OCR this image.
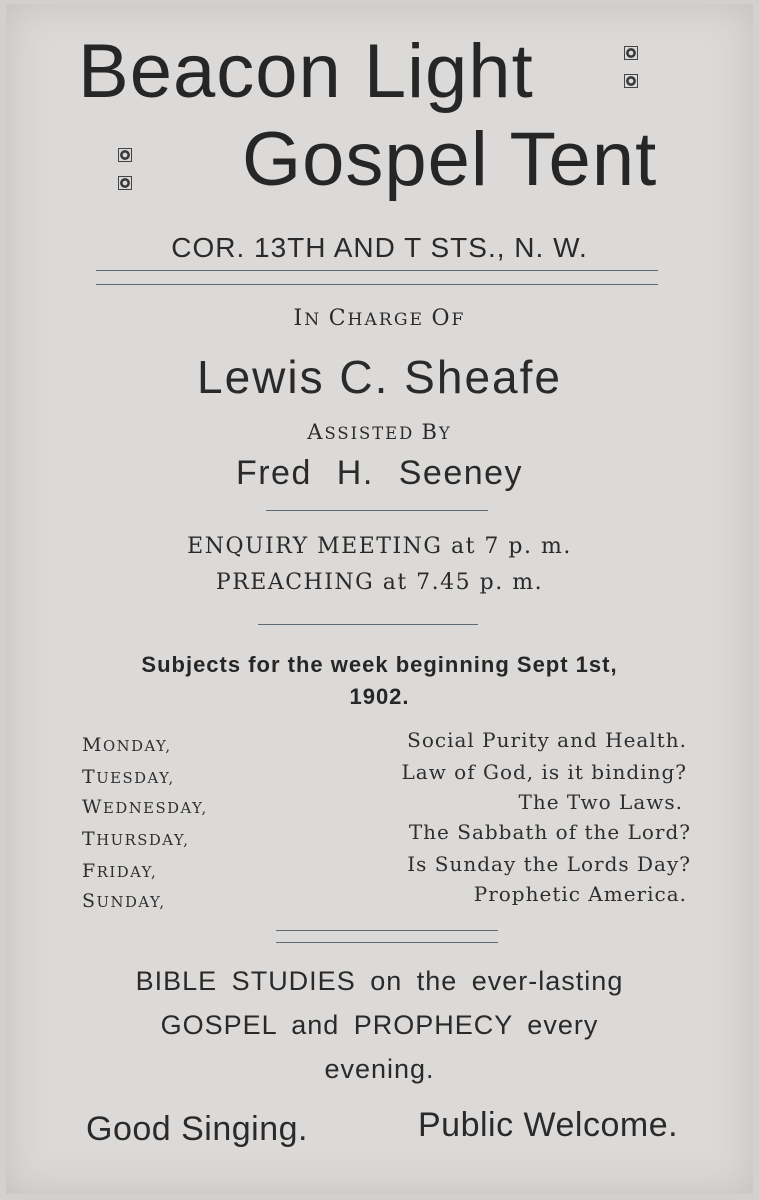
Beacon Light
Gospel Tent
COR. 13TH AND T STS., N. W.
IN CHARGE OF
Lewis C. Sheafe
ASSISTED BY
Fred H. Seeney
ENQUIRY MEETING at 7 p. m.
PREACHING at 7.45 p. m.
Subjects for the week beginning Sept 1st,
1902.
MONDAY,	Social Purity and Health.
TUESDAY,	Law of God, is it binding?
WEDNESDAY,	The Two Laws.
THURSDAY,	The Sabbath of the Lord?
FRIDAY,	Is Sunday the Lords Day?
SUNDAY,	Prophetic America.
BIBLE STUDIES on the ever-lasting
GOSPEL and PROPHECY every
evening.
Good Singing.	Public Welcome.
